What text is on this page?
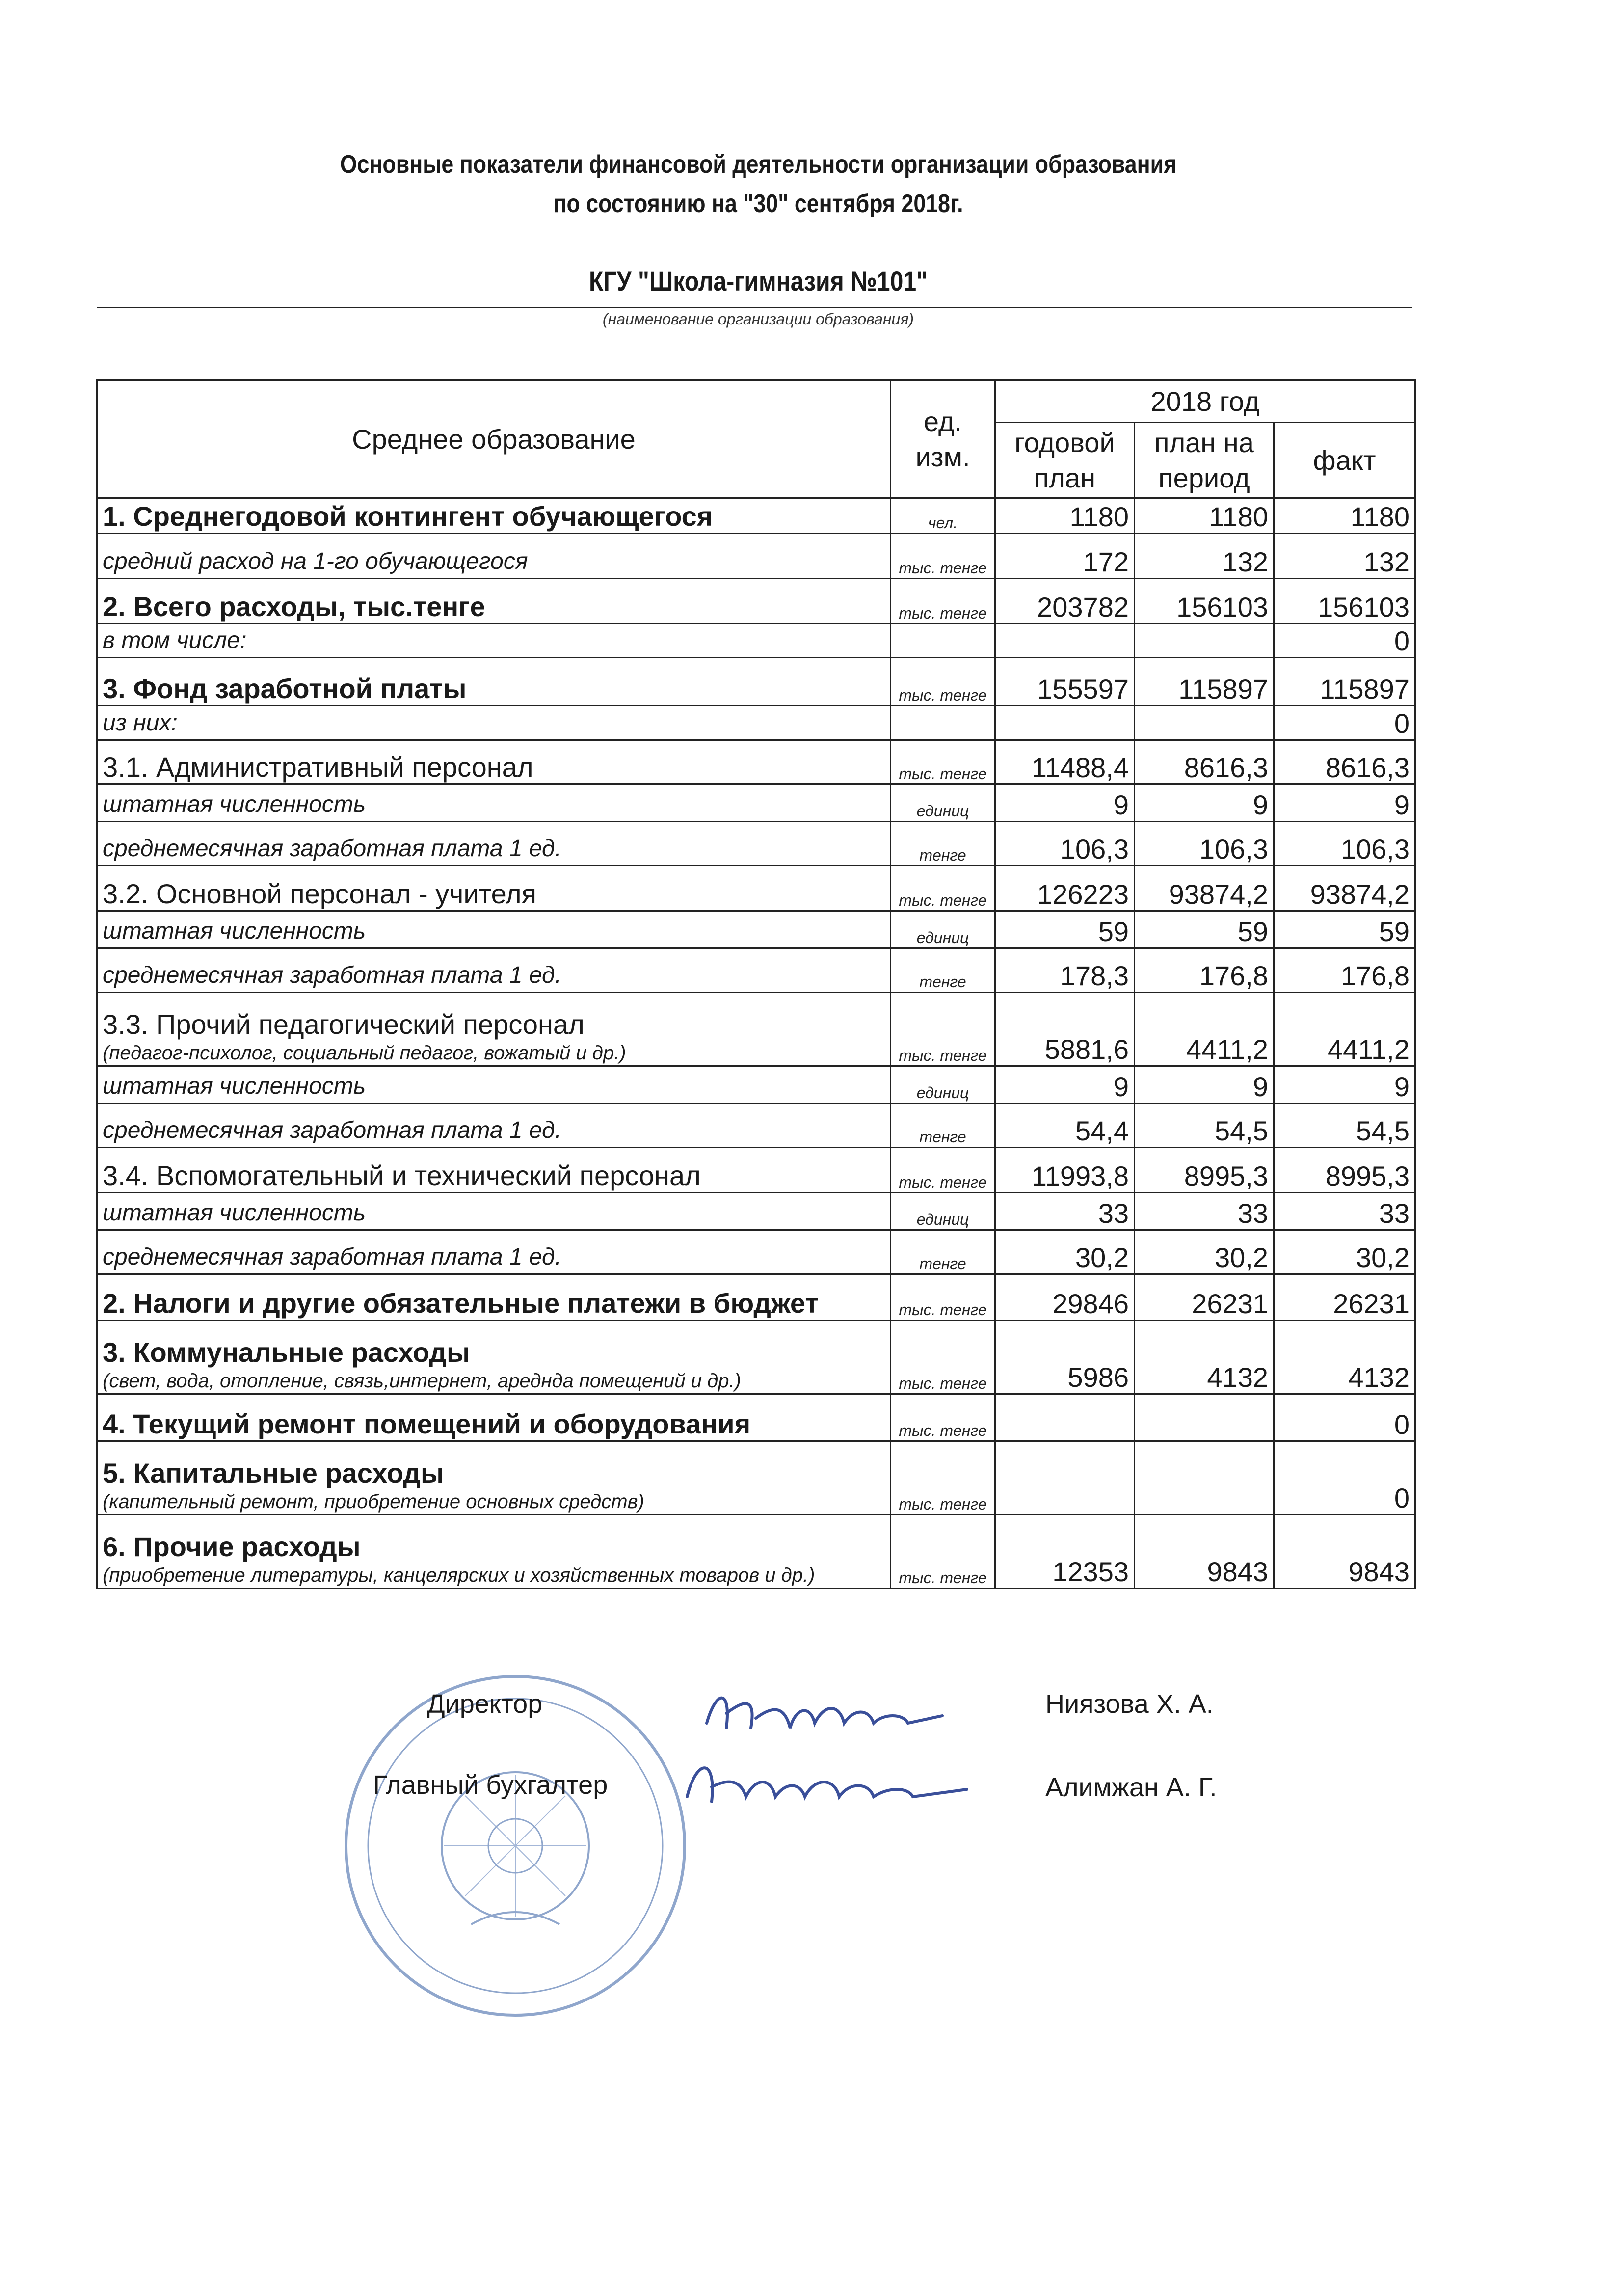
Основные показатели финансовой деятельности организации образования
по состоянию на "30" сентября 2018г.
КГУ "Школа-гимназия №101"
(наименование организации образования)
Среднее образование	ед. изм.	2018 год		
		годовой план	план на период	факт

1. Среднегодовой контингент обучающегося	чел.	1180	1180	1180

средний расход на 1-го обучающегося	тыс. тенге	172	132	132

2. Всего расходы, тыс.тенге	тыс. тенге	203782	156103	156103

в том числе:				0

3. Фонд заработной платы	тыс. тенге	155597	115897	115897

из них:				0

3.1. Административный персонал	тыс. тенге	11488,4	8616,3	8616,3

штатная численность	единиц	9	9	9

среднемесячная заработная плата 1 ед.	тенге	106,3	106,3	106,3

3.2. Основной персонал - учителя	тыс. тенге	126223	93874,2	93874,2

штатная численность	единиц	59	59	59

среднемесячная заработная плата 1 ед.	тенге	178,3	176,8	176,8

3.3. Прочий педагогический персонал
(педагог-психолог, социальный педагог, вожатый и др.)	тыс. тенге	5881,6	4411,2	4411,2

штатная численность	единиц	9	9	9

среднемесячная заработная плата 1 ед.	тенге	54,4	54,5	54,5

3.4. Вспомогательный и технический персонал	тыс. тенге	11993,8	8995,3	8995,3

штатная численность	единиц	33	33	33

среднемесячная заработная плата 1 ед.	тенге	30,2	30,2	30,2

2. Налоги и другие обязательные платежи в бюджет	тыс. тенге	29846	26231	26231

3. Коммунальные расходы
(свет, вода, отопление, связь,интернет, ареднда помещений и др.)	тыс. тенге	5986	4132	4132

4. Текущий ремонт помещений и оборудования	тыс. тенге			0

5. Капитальные расходы
(капительный ремонт, приобретение основных средств)	тыс. тенге			0

6. Прочие расходы
(приобретение литературы, канцелярских и хозяйственных товаров и др.)	тыс. тенге	12353	9843	9843
Директор
Главный бухгалтер
Ниязова Х. А.
Алимжан А. Г.
